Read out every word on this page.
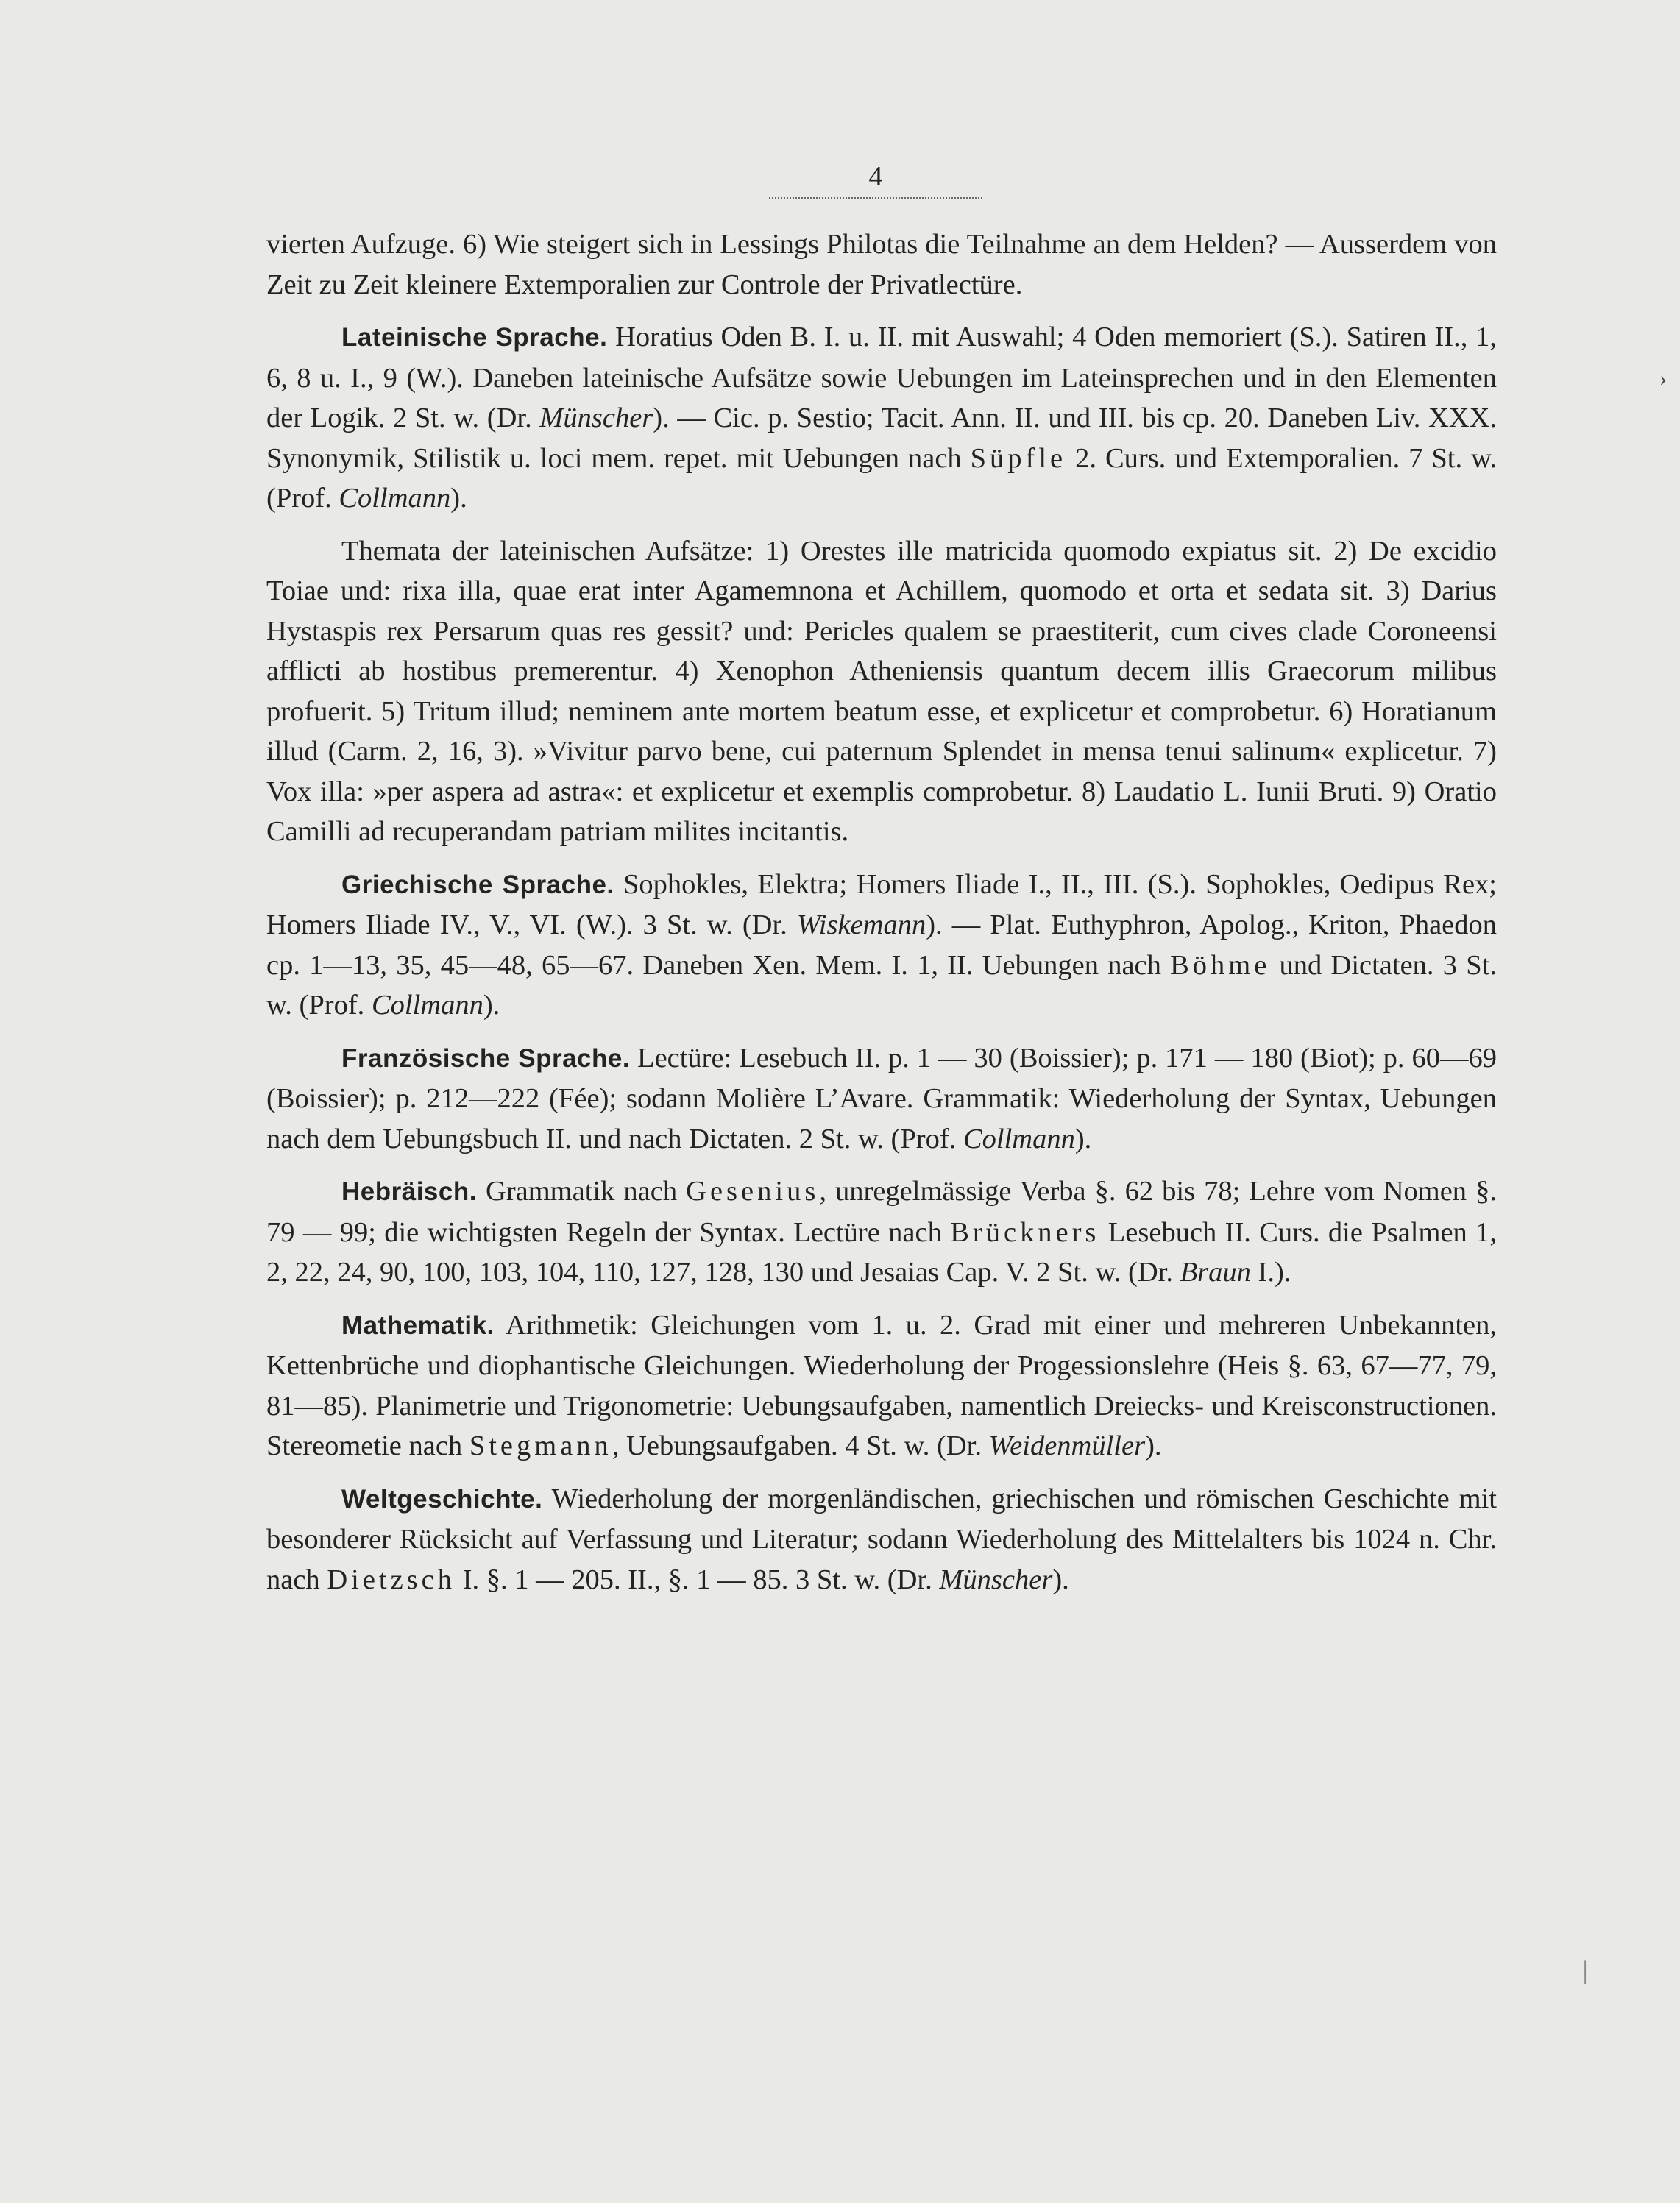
4
›
│

vierten Aufzuge. 6) Wie steigert sich in Lessings Philotas die Teilnahme an dem Helden? — Ausserdem von Zeit zu Zeit kleinere Extemporalien zur Controle der Privatlectüre.

Lateinische Sprache. Horatius Oden B. I. u. II. mit Auswahl; 4 Oden memoriert (S.). Satiren II., 1, 6, 8 u. I., 9 (W.). Daneben lateinische Aufsätze sowie Uebungen im Lateinsprechen und in den Elementen der Logik. 2 St. w. (Dr. Münscher). — Cic. p. Sestio; Tacit. Ann. II. und III. bis cp. 20. Daneben Liv. XXX. Synonymik, Stilistik u. loci mem. repet. mit Uebungen nach Süpfle 2. Curs. und Extemporalien. 7 St. w. (Prof. Collmann).

Themata der lateinischen Aufsätze: 1) Orestes ille matricida quomodo expiatus sit. 2) De excidio Toiae und: rixa illa, quae erat inter Agamemnona et Achillem, quomodo et orta et sedata sit. 3) Darius Hystaspis rex Persarum quas res gessit? und: Pericles qualem se praestiterit, cum cives clade Coroneensi afflicti ab hostibus premerentur. 4) Xenophon Atheniensis quantum decem illis Graecorum milibus profuerit. 5) Tritum illud; neminem ante mortem beatum esse, et explicetur et comprobetur. 6) Horatianum illud (Carm. 2, 16, 3). »Vivitur parvo bene, cui paternum Splendet in mensa tenui salinum« explicetur. 7) Vox illa: »per aspera ad astra«: et explicetur et exemplis comprobetur. 8) Laudatio L. Iunii Bruti. 9) Oratio Camilli ad recuperandam patriam milites incitantis.

Griechische Sprache. Sophokles, Elektra; Homers Iliade I., II., III. (S.). Sophokles, Oedipus Rex; Homers Iliade IV., V., VI. (W.). 3 St. w. (Dr. Wiskemann). — Plat. Euthyphron, Apolog., Kriton, Phaedon cp. 1—13, 35, 45—48, 65—67. Daneben Xen. Mem. I. 1, II. Uebungen nach Böhme und Dictaten. 3 St. w. (Prof. Collmann).

Französische Sprache. Lectüre: Lesebuch II. p. 1 — 30 (Boissier); p. 171 — 180 (Biot); p. 60—69 (Boissier); p. 212—222 (Fée); sodann Molière L’Avare. Grammatik: Wiederholung der Syntax, Uebungen nach dem Uebungsbuch II. und nach Dictaten. 2 St. w. (Prof. Collmann).

Hebräisch. Grammatik nach Gesenius, unregelmässige Verba §. 62 bis 78; Lehre vom Nomen §. 79 — 99; die wichtigsten Regeln der Syntax. Lectüre nach Brückners Lesebuch II. Curs. die Psalmen 1, 2, 22, 24, 90, 100, 103, 104, 110, 127, 128, 130 und Jesaias Cap. V. 2 St. w. (Dr. Braun I.).

Mathematik. Arithmetik: Gleichungen vom 1. u. 2. Grad mit einer und mehreren Unbekannten, Kettenbrüche und diophantische Gleichungen. Wiederholung der Progessionslehre (Heis §. 63, 67—77, 79, 81—85). Planimetrie und Trigonometrie: Uebungsaufgaben, namentlich Dreiecks- und Kreisconstructionen. Stereometie nach Stegmann, Uebungsaufgaben. 4 St. w. (Dr. Weidenmüller).

Weltgeschichte. Wiederholung der morgenländischen, griechischen und römischen Geschichte mit besonderer Rücksicht auf Verfassung und Literatur; sodann Wiederholung des Mittelalters bis 1024 n. Chr. nach Dietzsch I. §. 1 — 205. II., §. 1 — 85. 3 St. w. (Dr. Münscher).
